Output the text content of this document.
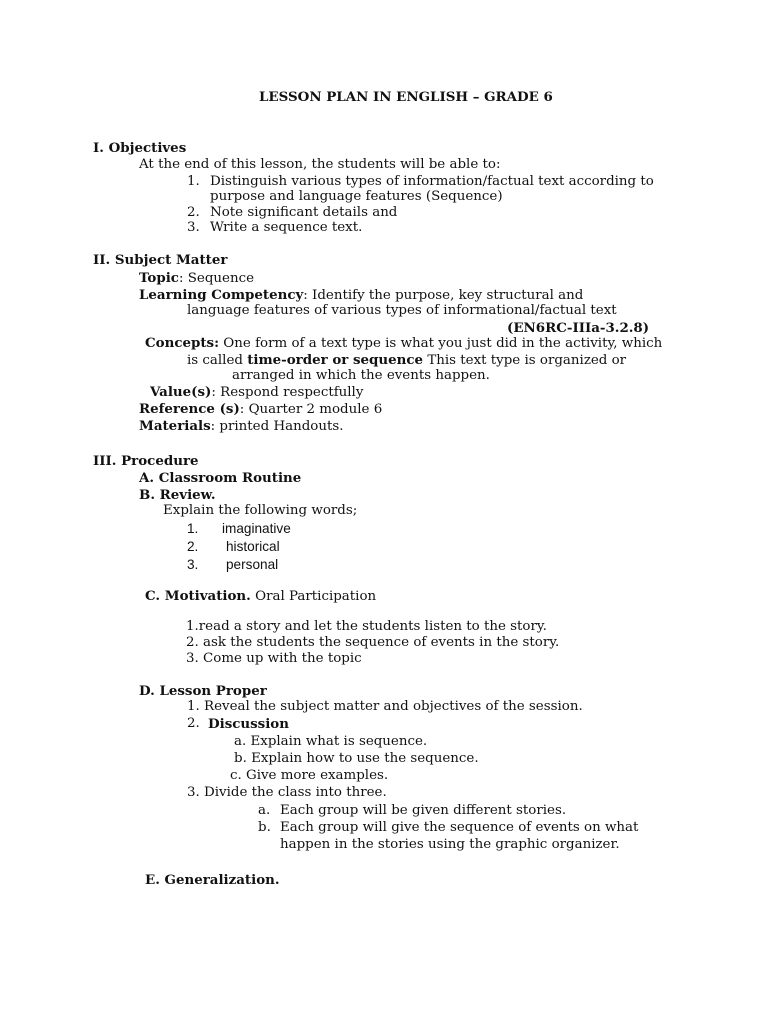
LESSON PLAN IN ENGLISH – GRADE 6
I. Objectives
At the end of this lesson, the students will be able to:
1. Distinguish various types of information/factual text according to
purpose and language features (Sequence)
2. Note significant details and
3. Write a sequence text.
II. Subject Matter
Topic: Sequence
Learning Competency: Identify the purpose, key structural and
language features of various types of informational/factual text
(EN6RC-IIIa-3.2.8)
Concepts: One form of a text type is what you just did in the activity, which
is called time-order or sequence This text type is organized or
arranged in which the events happen.
Value(s): Respond respectfully
Reference (s): Quarter 2 module 6
Materials: printed Handouts.
III. Procedure
A. Classroom Routine
B. Review.
Explain the following words;
1. imaginative
2. historical
3. personal
C. Motivation. Oral Participation
1.read a story and let the students listen to the story.
2. ask the students the sequence of events in the story.
3. Come up with the topic
D. Lesson Proper
1. Reveal the subject matter and objectives of the session.
2. Discussion
a. Explain what is sequence.
b. Explain how to use the sequence.
c. Give more examples.
3. Divide the class into three.
a. Each group will be given different stories.
b. Each group will give the sequence of events on what
happen in the stories using the graphic organizer.
E. Generalization.
